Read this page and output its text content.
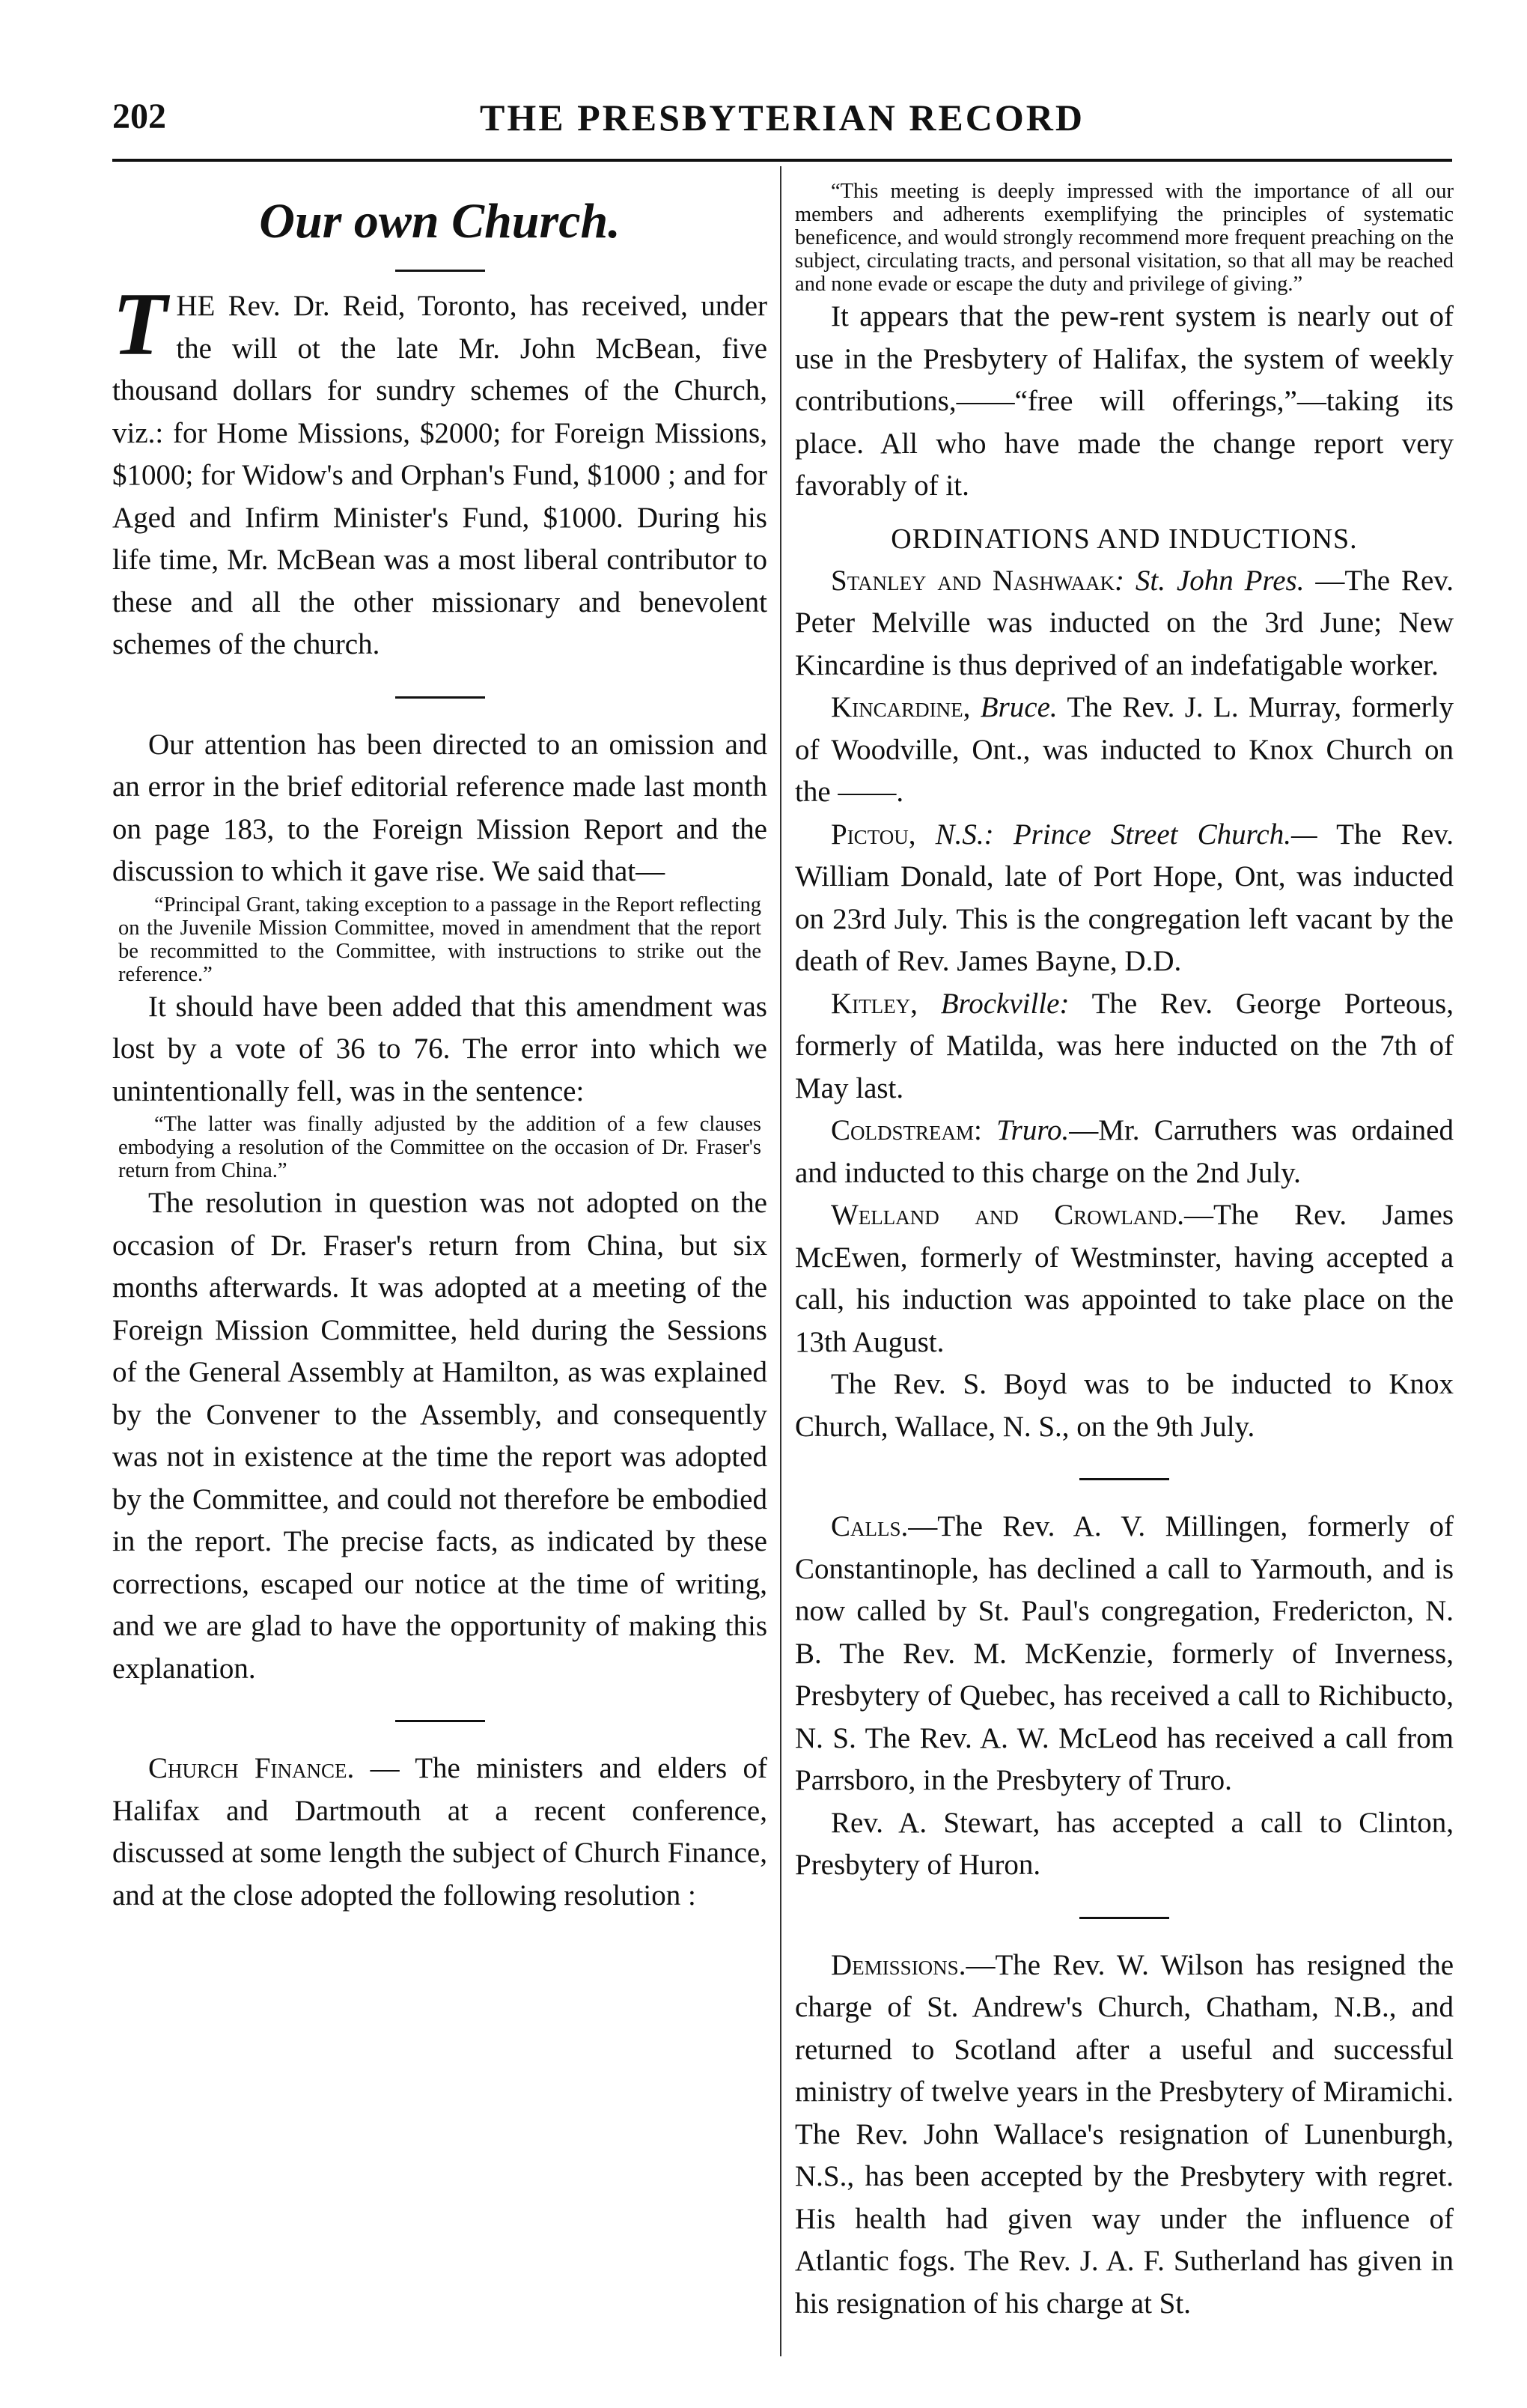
202	THE PRESBYTERIAN RECORD
Our own Church.

T HE Rev. Dr. Reid, Toronto, has received, under the will ot the late Mr. John McBean, five thousand dollars for sundry schemes of the Church, viz.: for Home Missions, $2000; for Foreign Missions, $1000; for Widow's and Orphan's Fund, $1000 ; and for Aged and Infirm Minister's Fund, $1000. During his life time, Mr. McBean was a most liberal contributor to these and all the other missionary and benevolent schemes of the church.

Our attention has been directed to an omission and an error in the brief editorial reference made last month on page 183, to the Foreign Mission Report and the discussion to which it gave rise. We said that—

“Principal Grant, taking exception to a passage in the Report reflecting on the Juvenile Mission Committee, moved in amendment that the report be recommitted to the Committee, with instructions to strike out the reference.”

It should have been added that this amendment was lost by a vote of 36 to 76. The error into which we unintentionally fell, was in the sentence:

“The latter was finally adjusted by the addition of a few clauses embodying a resolution of the Committee on the occasion of Dr. Fraser's return from China.”

The resolution in question was not adopted on the occasion of Dr. Fraser's return from China, but six months afterwards. It was adopted at a meeting of the Foreign Mission Committee, held during the Sessions of the General Assembly at Hamilton, as was explained by the Convener to the Assembly, and consequently was not in existence at the time the report was adopted by the Committee, and could not therefore be embodied in the report. The precise facts, as indicated by these corrections, escaped our notice at the time of writing, and we are glad to have the opportunity of making this explanation.

Church Finance. — The ministers and elders of Halifax and Dartmouth at a recent conference, discussed at some length the subject of Church Finance, and at the close adopted the following resolution :

“This meeting is deeply impressed with the importance of all our members and adherents exemplifying the principles of systematic beneficence, and would strongly recommend more frequent preaching on the subject, circulating tracts, and personal visitation, so that all may be reached and none evade or escape the duty and privilege of giving.”

It appears that the pew-rent system is nearly out of use in the Presbytery of Halifax, the system of weekly contributions,——“free will offerings,”—taking its place. All who have made the change report very favorably of it.

ORDINATIONS AND INDUCTIONS.

Stanley and Nashwaak: St. John Pres. —The Rev. Peter Melville was inducted on the 3rd June; New Kincardine is thus deprived of an indefatigable worker.

Kincardine, Bruce. The Rev. J. L. Murray, formerly of Woodville, Ont., was inducted to Knox Church on the ——.

Pictou, N.S.: Prince Street Church.— The Rev. William Donald, late of Port Hope, Ont, was inducted on 23rd July. This is the congregation left vacant by the death of Rev. James Bayne, D.D.

Kitley, Brockville: The Rev. George Porteous, formerly of Matilda, was here inducted on the 7th of May last.

Coldstream: Truro.—Mr. Carruthers was ordained and inducted to this charge on the 2nd July.

Welland and Crowland.—The Rev. James McEwen, formerly of Westminster, having accepted a call, his induction was appointed to take place on the 13th August.

The Rev. S. Boyd was to be inducted to Knox Church, Wallace, N. S., on the 9th July.

Calls.—The Rev. A. V. Millingen, formerly of Constantinople, has declined a call to Yarmouth, and is now called by St. Paul's congregation, Fredericton, N. B. The Rev. M. McKenzie, formerly of Inverness, Presbytery of Quebec, has received a call to Richibucto, N. S. The Rev. A. W. McLeod has received a call from Parrsboro, in the Presbytery of Truro.

Rev. A. Stewart, has accepted a call to Clinton, Presbytery of Huron.

Demissions.—The Rev. W. Wilson has resigned the charge of St. Andrew's Church, Chatham, N.B., and returned to Scotland after a useful and successful ministry of twelve years in the Presbytery of Miramichi. The Rev. John Wallace's resignation of Lunenburgh, N.S., has been accepted by the Presbytery with regret. His health had given way under the influence of Atlantic fogs. The Rev. J. A. F. Sutherland has given in his resignation of his charge at St.
